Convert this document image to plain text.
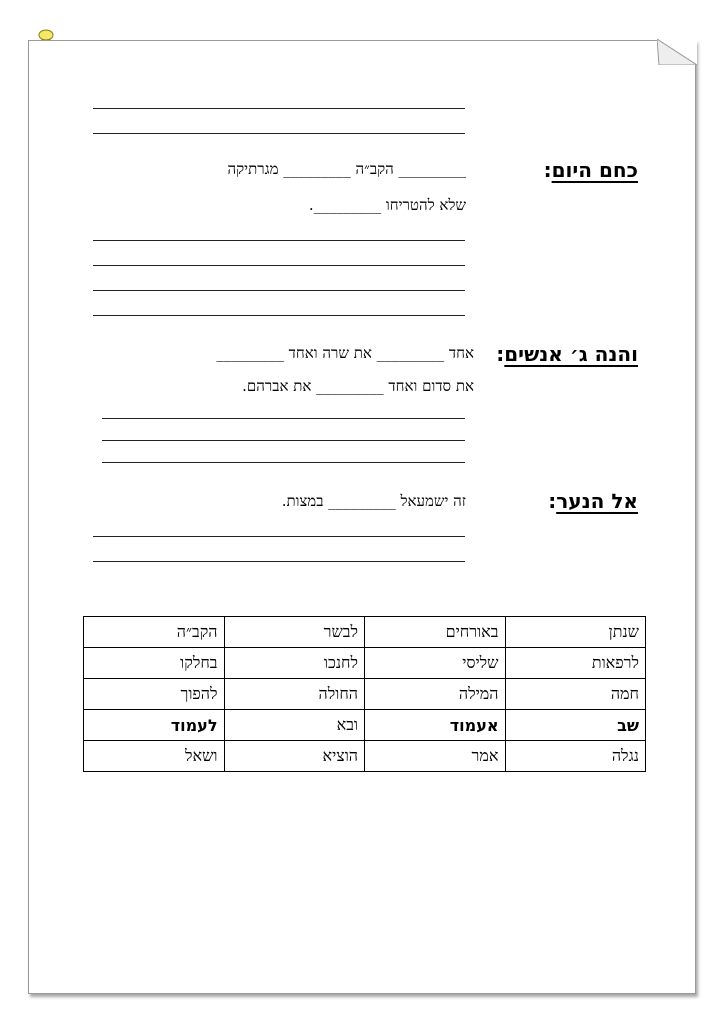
כחם היום:
_________ הקב״ה _________ מגרתיקה
שלא להטריחו _________.
והנה ג׳ אנשים:
אחד _________ את שרה ואחד _________
את סדום ואחד _________ את אברהם.
אל הנער:
זה ישמעאל _________ במצות.
שנתן	באורחים	לבשר	הקב״ה
לרפאות	שליסי	לחנכו	בחלקו
חמה	המילה	החולה	להפוך
שב	אעמוד	ובא	לעמוד
נגלה	אמר	הוציא	ושאל
